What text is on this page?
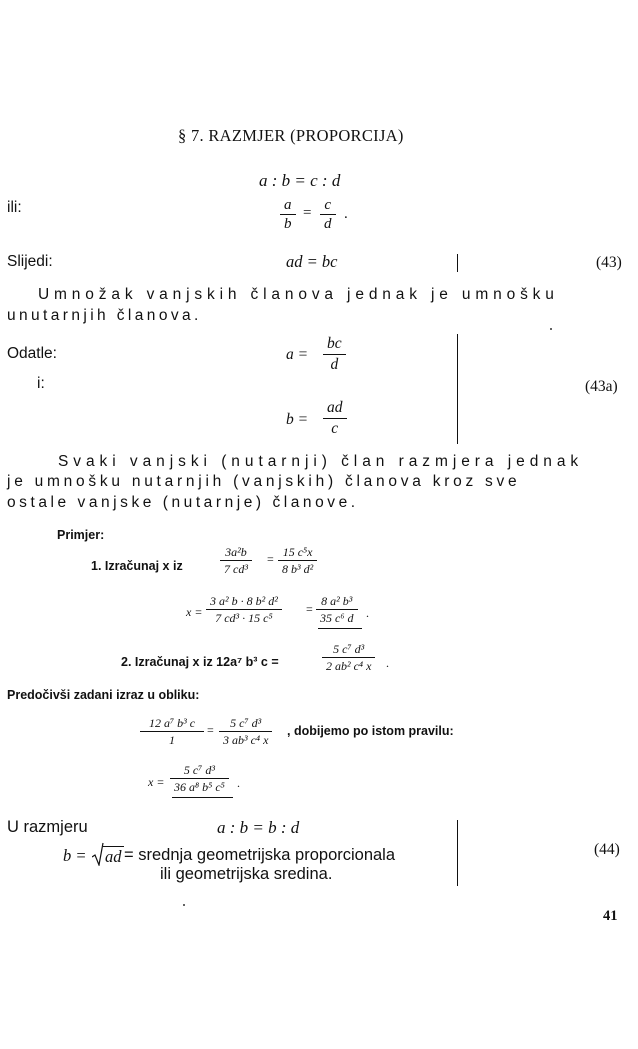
§ 7. RAZMJER (PROPORCIJA)
a : b = c : d
ili:	$\frac{a}{b} = \frac{c}{d}$ .
Slijedi:	ad = bc	(43)
Umnožak vanjskih članova jednak je umnošku
unutarnjih članova.
Odatle:	$a = \frac{bc}{d}$
i:
$b = \frac{ad}{c}$
(43a)
Svaki vanjski (nutarnji) član razmjera jednak
je umnošku nutarnjih (vanjskih) članova kroz sve
ostale vanjske (nutarnje) članove.
Primjer:
1. Izračunaj x iz	$\frac{\text{3a²b}}{\text{7 cd³}} = \frac{\text{15 c⁵x}}{\text{8 b³ d²}}$
$x = \frac{\text{3 a² b · 8 b² d²}}{\text{7 cd³ · 15 c⁵}} = \frac{\text{8 a² b³}}{\text{35 c⁶ d}}$ .
2. Izračunaj x iz 12a⁷ b³ c =	$\frac{\text{5 c⁷ d³}}{\text{2 ab² c⁴ x}}$ .
Predočivši zadani izraz u obliku:
$\frac{\text{12 a⁷ b³ c}}{1} = \frac{\text{5 c⁷ d³}}{\text{3 ab³ c⁴ x}}$ , dobijemo po istom pravilu:
$x = \frac{\text{5 c⁷ d³}}{\text{36 a⁸ b⁵ c⁵}}$ .
U razmjeru	a : b = b : d
b = ad = srednja geometrijska proporcionala
ili geometrijska sredina.
(44)
41
